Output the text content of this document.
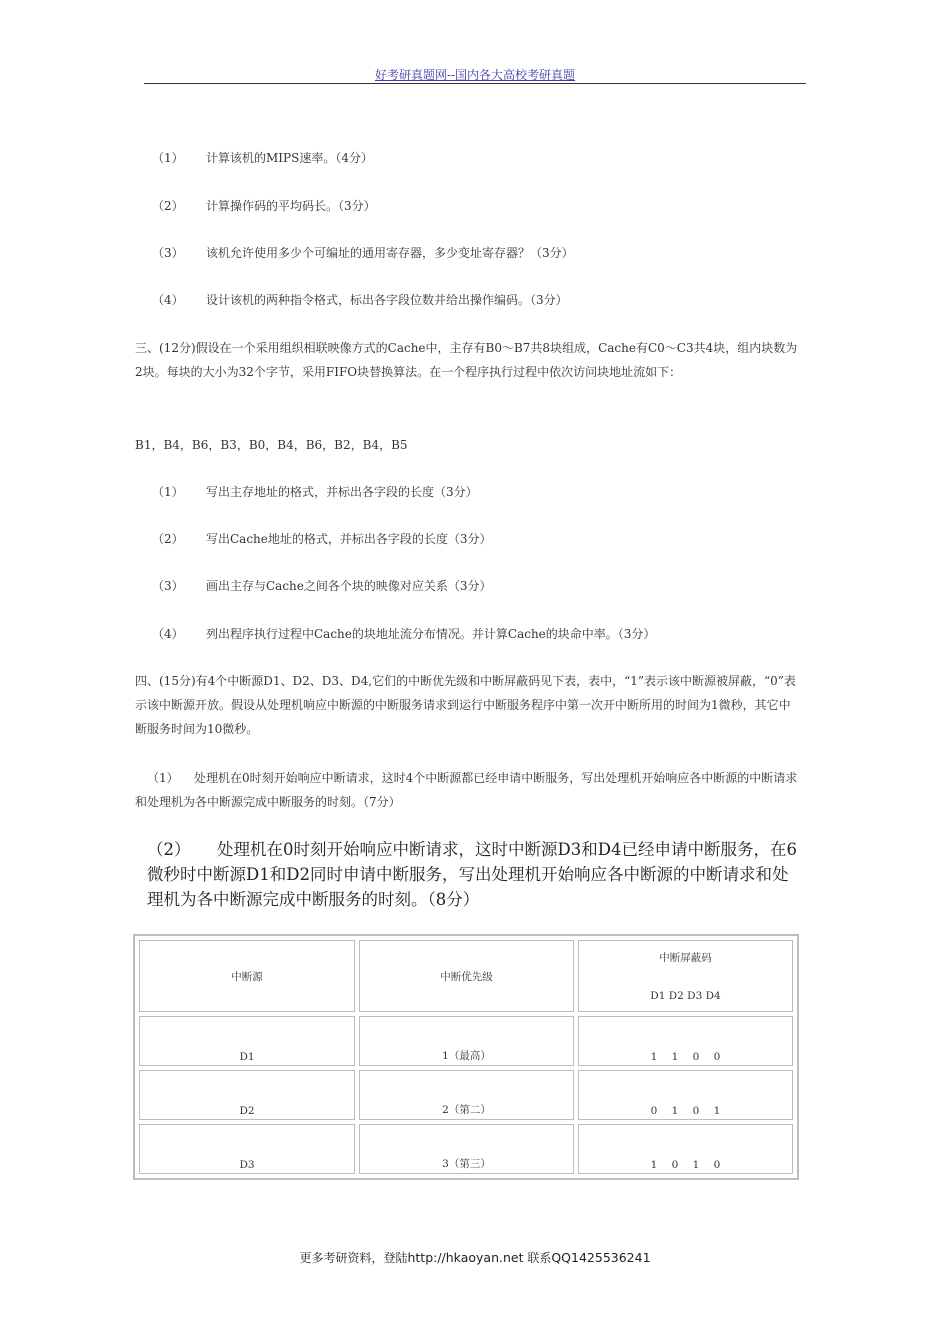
好考研真题网--国内各大高校考研真题
（1） 计算该机的MIPS速率。（4分）
（2） 计算操作码的平均码长。（3分）
（3） 该机允许使用多少个可编址的通用寄存器，多少变址寄存器？（3分）
（4） 设计该机的两种指令格式，标出各字段位数并给出操作编码。（3分）
三、(12分)假设在一个采用组织相联映像方式的Cache中，主存有B0～B7共8块组成，Cache有C0～C3共4块，组内块数为2块。每块的大小为32个字节，采用FIFO块替换算法。在一个程序执行过程中依次访问块地址流如下：
B1，B4，B6，B3，B0，B4，B6，B2，B4，B5
（1） 写出主存地址的格式，并标出各字段的长度（3分）
（2） 写出Cache地址的格式，并标出各字段的长度（3分）
（3） 画出主存与Cache之间各个块的映像对应关系（3分）
（4） 列出程序执行过程中Cache的块地址流分布情况。并计算Cache的块命中率。（3分）
四、(15分)有4个中断源D1、D2、D3、D4,它们的中断优先级和中断屏蔽码见下表，表中，“1”表示该中断源被屏蔽，“0”表示该中断源开放。假设从处理机响应中断源的中断服务请求到运行中断服务程序中第一次开中断所用的时间为1微秒，其它中断服务时间为10微秒。
（1） 处理机在0时刻开始响应中断请求，这时4个中断源都已经申请中断服务，写出处理机开始响应各中断源的中断请求和处理机为各中断源完成中断服务的时刻。（7分）
（2） 处理机在0时刻开始响应中断请求，这时中断源D3和D4已经申请中断服务，在6微秒时中断源D1和D2同时申请中断服务，写出处理机开始响应各中断源的中断请求和处理机为各中断源完成中断服务的时刻。（8分）
中断源	中断优先级	中断屏蔽码
D1 D2 D3 D4

D1	1（最高）	1 1 0 0

D2	2（第二）	0 1 0 1

D3	3（第三）	1 0 1 0
更多考研资料，登陆http://hkaoyan.net 联系QQ1425536241
